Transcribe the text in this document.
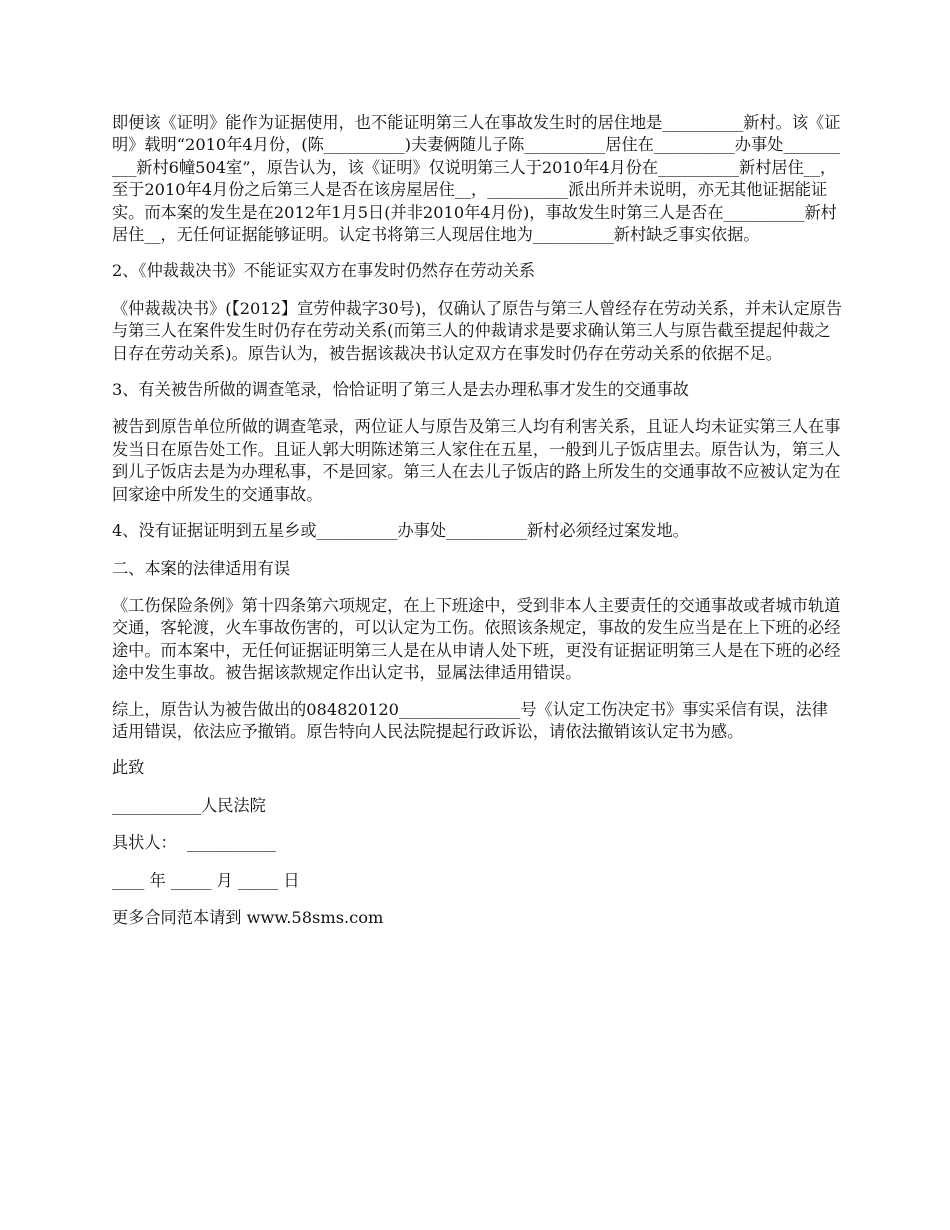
即便该《证明》能作为证据使用，也不能证明第三人在事故发生时的居住地是__________新村。该《证明》载明“2010年4月份，(陈__________)夫妻俩随儿子陈__________居住在__________办事处__________新村6幢504室”，原告认为，该《证明》仅说明第三人于2010年4月份在__________新村居住__，至于2010年4月份之后第三人是否在该房屋居住__，__________派出所并未说明，亦无其他证据能证实。而本案的发生是在2012年1月5日(并非2010年4月份)，事故发生时第三人是否在__________新村居住__，无任何证据能够证明。认定书将第三人现居住地为__________新村缺乏事实依据。

2、《仲裁裁决书》不能证实双方在事发时仍然存在劳动关系

《仲裁裁决书》(【2012】宣劳仲裁字30号)，仅确认了原告与第三人曾经存在劳动关系，并未认定原告与第三人在案件发生时仍存在劳动关系(而第三人的仲裁请求是要求确认第三人与原告截至提起仲裁之日存在劳动关系)。原告认为，被告据该裁决书认定双方在事发时仍存在劳动关系的依据不足。

3、有关被告所做的调查笔录，恰恰证明了第三人是去办理私事才发生的交通事故

被告到原告单位所做的调查笔录，两位证人与原告及第三人均有利害关系，且证人均未证实第三人在事发当日在原告处工作。且证人郭大明陈述第三人家住在五星，一般到儿子饭店里去。原告认为，第三人到儿子饭店去是为办理私事，不是回家。第三人在去儿子饭店的路上所发生的交通事故不应被认定为在回家途中所发生的交通事故。

4、没有证据证明到五星乡或__________办事处__________新村必须经过案发地。

二、本案的法律适用有误

《工伤保险条例》第十四条第六项规定，在上下班途中，受到非本人主要责任的交通事故或者城市轨道交通，客轮渡，火车事故伤害的，可以认定为工伤。依照该条规定，事故的发生应当是在上下班的必经途中。而本案中，无任何证据证明第三人是在从申请人处下班，更没有证据证明第三人是在下班的必经途中发生事故。被告据该款规定作出认定书，显属法律适用错误。

综上，原告认为被告做出的084820120_______________号《认定工伤决定书》事实采信有误，法律适用错误，依法应予撤销。原告特向人民法院提起行政诉讼，请依法撤销该认定书为感。

此致

___________人民法院

具状人：  ___________

____ 年 _____ 月 _____ 日

更多合同范本请到 www.58sms.com
